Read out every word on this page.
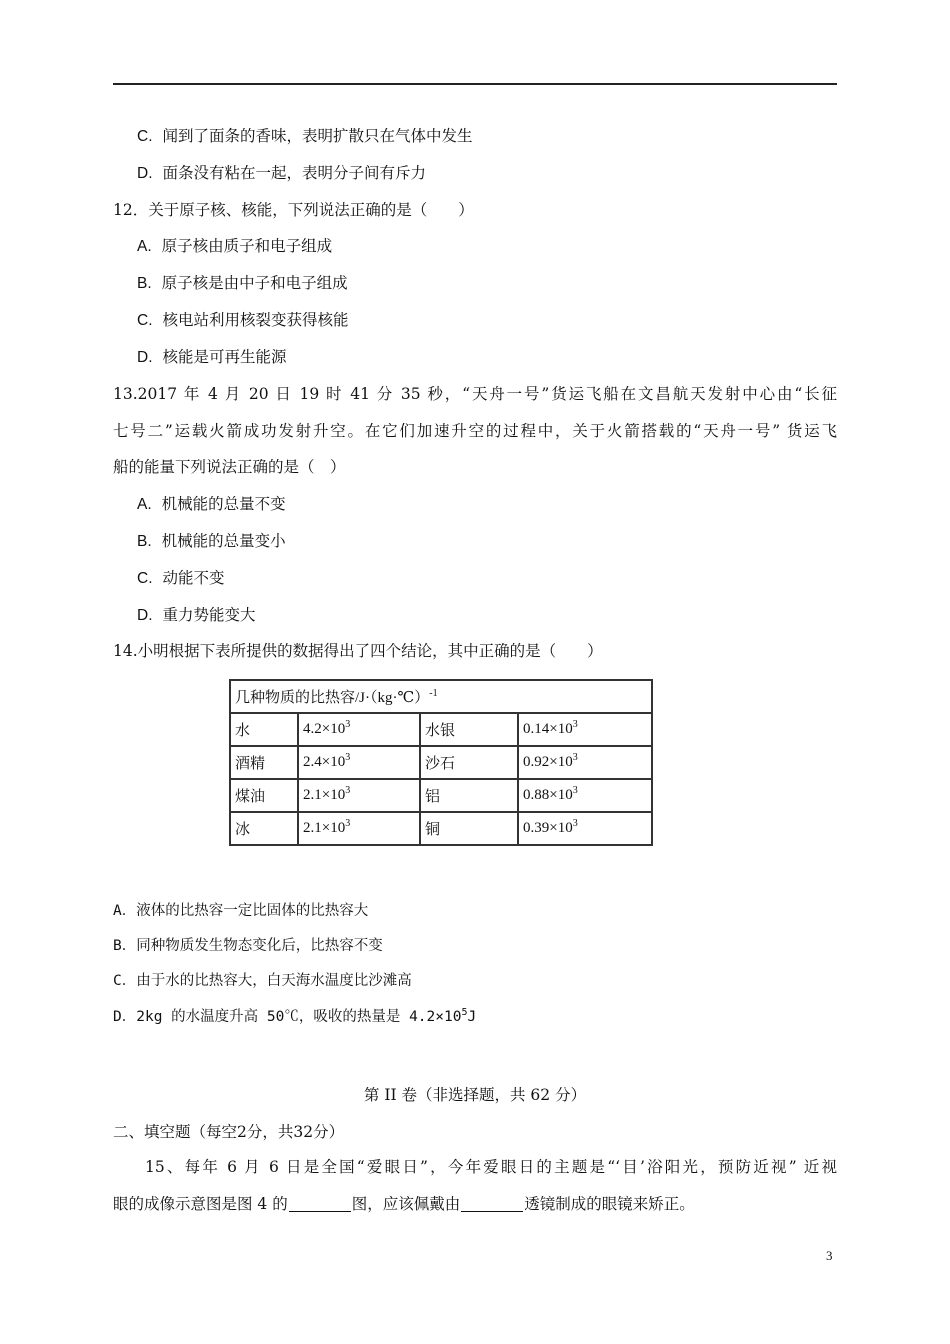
C. 闻到了面条的香味，表明扩散只在气体中发生
D. 面条没有粘在一起，表明分子间有斥力
12．关于原子核、核能，下列说法正确的是（　　）
A. 原子核由质子和电子组成
B. 原子核是由中子和电子组成
C. 核电站利用核裂变获得核能
D. 核能是可再生能源
13.2017 年 4 月 20 日 19 时 41 分 35 秒，“天舟一号”货运飞船在文昌航天发射中心由“长征
七号二”运载火箭成功发射升空。在它们加速升空的过程中，关于火箭搭载的“天舟一号” 货运飞
船的能量下列说法正确的是（　）
A. 机械能的总量不变
B. 机械能的总量变小
C. 动能不变
D. 重力势能变大
14.小明根据下表所提供的数据得出了四个结论，其中正确的是（　　）
几种物质的比热容/J·（kg·℃）$^{-1}$
水	$4.2\times 10^3$	水银	$0.14\times 10^3$
酒精	$2.4\times 10^3$	沙石	$0.92\times 10^3$
煤油	$2.1\times 10^3$	铝	$0.88\times 10^3$
冰	$2.1\times 10^3$	铜	$0.39\times 10^3$
A．液体的比热容一定比固体的比热容大
B．同种物质发生物态变化后，比热容不变
C．由于水的比热容大，白天海水温度比沙滩高
D．2kg 的水温度升高 50℃，吸收的热量是 $4.2\times 10^5J$
第 II 卷（非选择题，共 62 分）
二、填空题（每空2分，共32分）
15、每年 6 月 6 日是全国“爱眼日”，今年爱眼日的主题是“‘目’浴阳光，预防近视” 近视
眼的成像示意图是图 4 的	图，应该佩戴由	透镜制成的眼镜来矫正。
3
